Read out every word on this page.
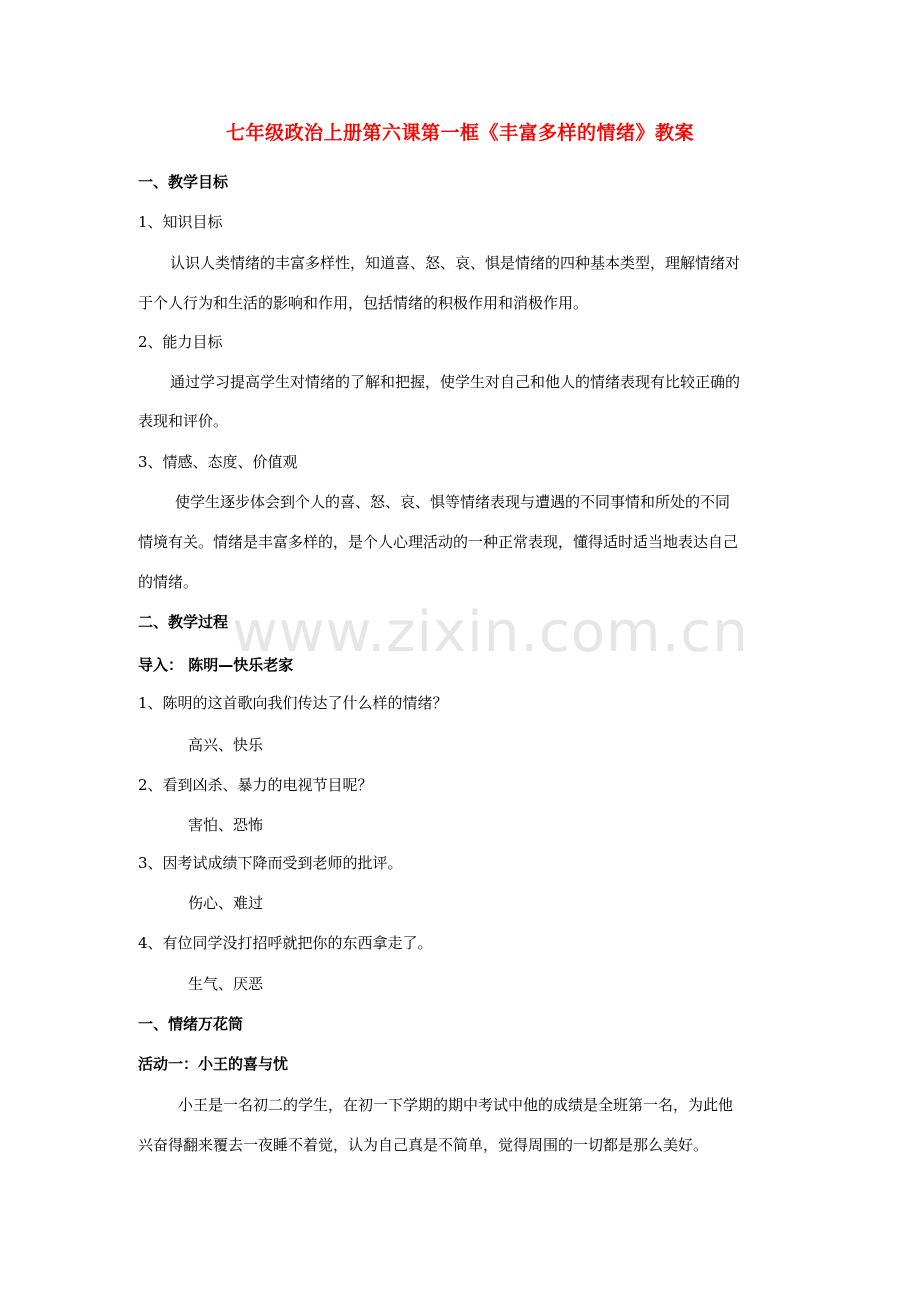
www.zixin.com.cn
七年级政治上册第六课第一框《丰富多样的情绪》教案
一、教学目标
1、知识目标
认识人类情绪的丰富多样性，知道喜、怒、哀、惧是情绪的四种基本类型，理解情绪对
于个人行为和生活的影响和作用，包括情绪的积极作用和消极作用。
2、能力目标
通过学习提高学生对情绪的了解和把握，使学生对自己和他人的情绪表现有比较正确的
表现和评价。
3、情感、态度、价值观
使学生逐步体会到个人的喜、怒、哀、惧等情绪表现与遭遇的不同事情和所处的不同
情境有关。情绪是丰富多样的，是个人心理活动的一种正常表现，懂得适时适当地表达自己
的情绪。
二、教学过程
导入： 陈明—快乐老家
1、陈明的这首歌向我们传达了什么样的情绪？
高兴、快乐
2、看到凶杀、暴力的电视节目呢？
害怕、恐怖
3、因考试成绩下降而受到老师的批评。
伤心、难过
4、有位同学没打招呼就把你的东西拿走了。
生气、厌恶
一、情绪万花筒
活动一：小王的喜与忧
小王是一名初二的学生，在初一下学期的期中考试中他的成绩是全班第一名，为此他
兴奋得翻来覆去一夜睡不着觉，认为自己真是不简单，觉得周围的一切都是那么美好。
